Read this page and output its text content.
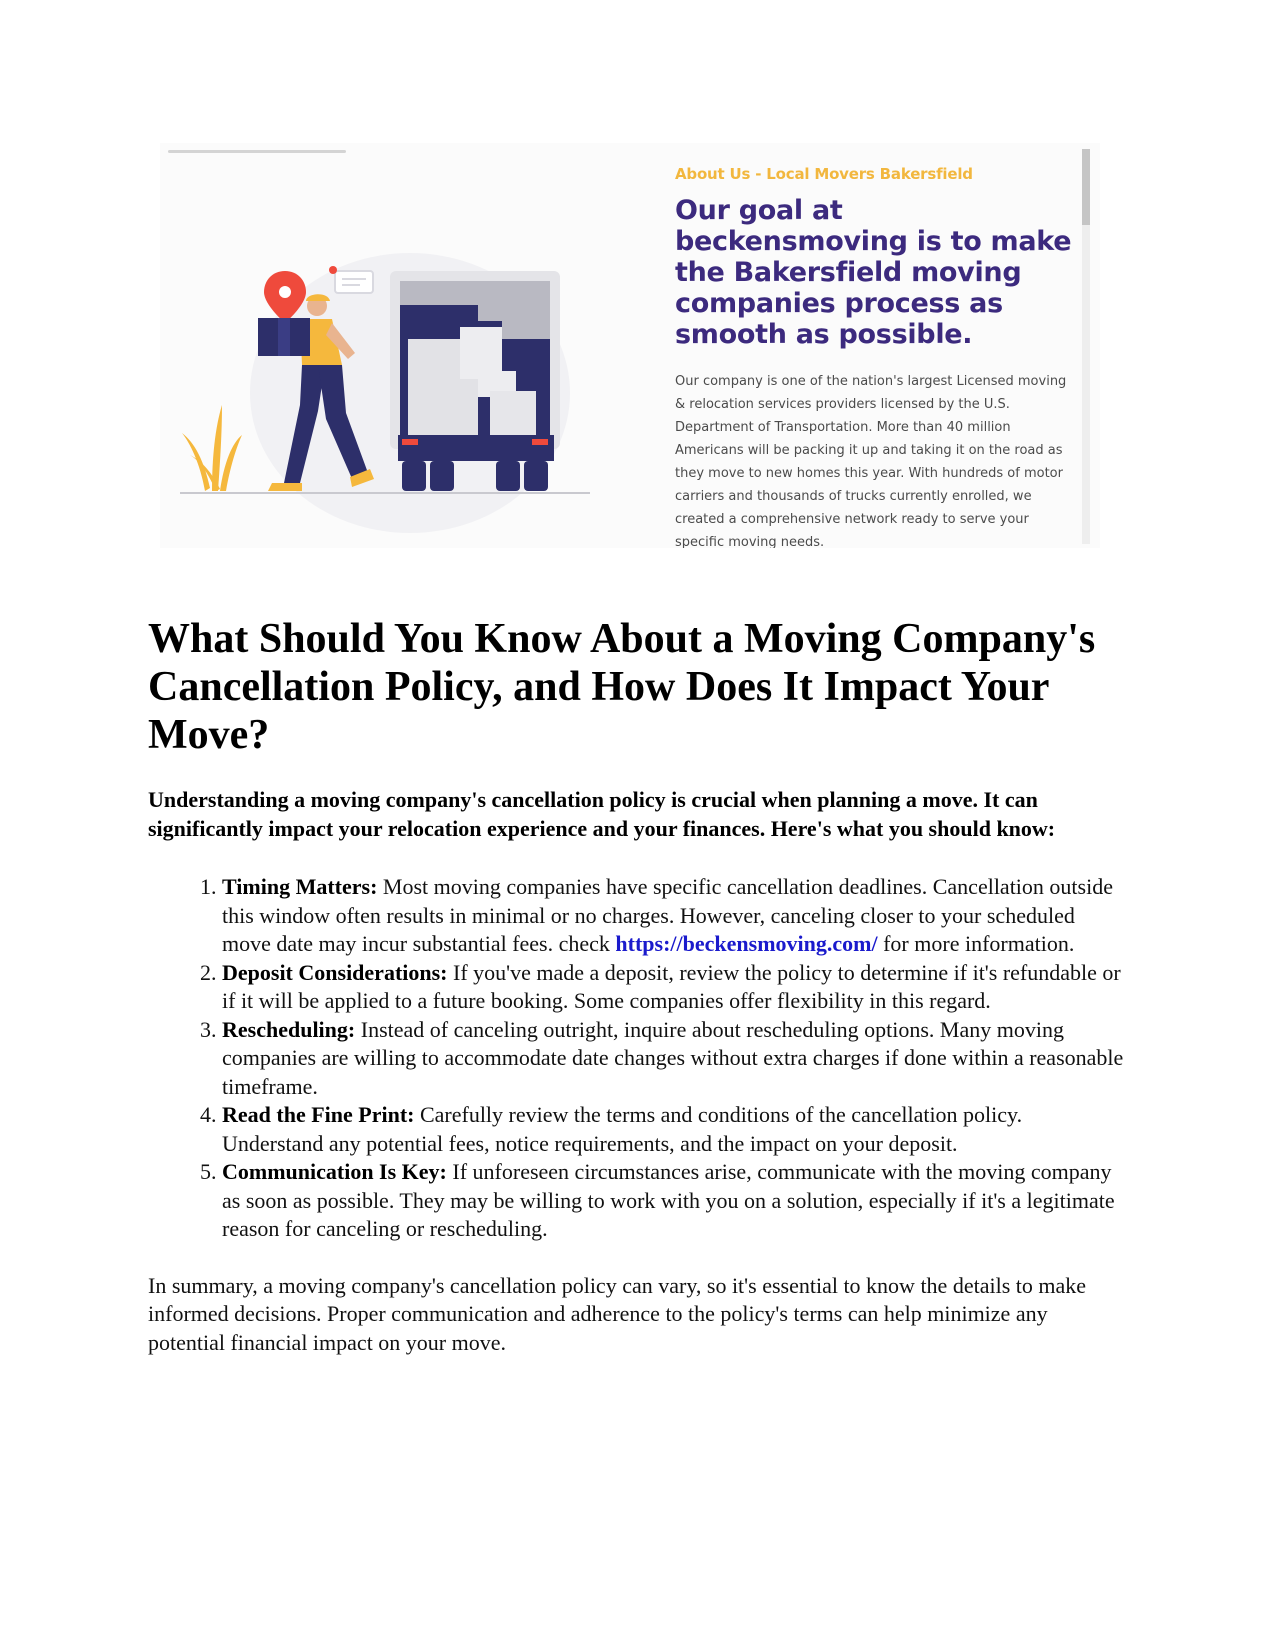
About Us - Local Movers Bakersfield

Our goal at beckensmoving is to make the Bakersfield moving companies process as smooth as possible.

Our company is one of the nation's largest Licensed moving & relocation services providers licensed by the U.S. Department of Transportation. More than 40 million Americans will be packing it up and taking it on the road as they move to new homes this year. With hundreds of motor carriers and thousands of trucks currently enrolled, we created a comprehensive network ready to serve your specific moving needs.

What Should You Know About a Moving Company's Cancellation Policy, and How Does It Impact Your Move?

Understanding a moving company's cancellation policy is crucial when planning a move. It can significantly impact your relocation experience and your finances. Here's what you should know:

1. Timing Matters: Most moving companies have specific cancellation deadlines. Cancellation outside this window often results in minimal or no charges. However, canceling closer to your scheduled move date may incur substantial fees. check https://beckensmoving.com/ for more information.
2. Deposit Considerations: If you've made a deposit, review the policy to determine if it's refundable or if it will be applied to a future booking. Some companies offer flexibility in this regard.
3. Rescheduling: Instead of canceling outright, inquire about rescheduling options. Many moving companies are willing to accommodate date changes without extra charges if done within a reasonable timeframe.
4. Read the Fine Print: Carefully review the terms and conditions of the cancellation policy. Understand any potential fees, notice requirements, and the impact on your deposit.
5. Communication Is Key: If unforeseen circumstances arise, communicate with the moving company as soon as possible. They may be willing to work with you on a solution, especially if it's a legitimate reason for canceling or rescheduling.

In summary, a moving company's cancellation policy can vary, so it's essential to know the details to make informed decisions. Proper communication and adherence to the policy's terms can help minimize any potential financial impact on your move.
